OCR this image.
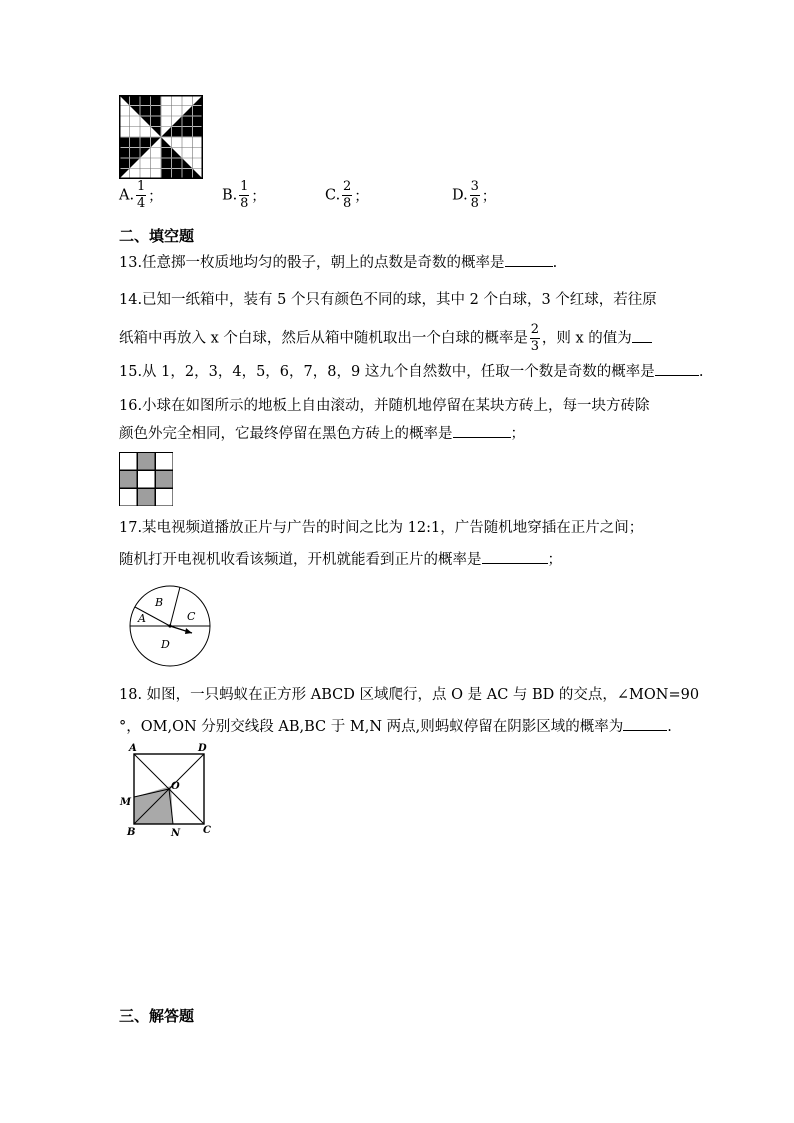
A. $\frac{1}{4}$ ；	B. $\frac{1}{8}$ ；	C. $\frac{2}{8}$ ；	D. $\frac{3}{8}$ ；
二、填空题
13.任意掷一枚质地均匀的骰子，朝上的点数是奇数的概率是	.
14.已知一纸箱中，装有 5 个只有颜色不同的球，其中 2 个白球，3 个红球，若往原
纸箱中再放入 x 个白球，然后从箱中随机取出一个白球的概率是 $\frac{2}{3}$ ，则 x 的值为
15.从 1，2，3，4，5，6，7，8，9 这九个自然数中，任取一个数是奇数的概率是	.
16.小球在如图所示的地板上自由滚动，并随机地停留在某块方砖上，每一块方砖除
颜色外完全相同，它最终停留在黑色方砖上的概率是	；
17.某电视频道播放正片与广告的时间之比为 12:1，广告随机地穿插在正片之间；
随机打开电视机收看该频道，开机就能看到正片的概率是	；
B
A	C
D
18. 如图，一只蚂蚁在正方形 ABCD 区域爬行，点 O 是 AC 与 BD 的交点，∠MON=90
°，OM,ON 分别交线段 AB,BC 于 M,N 两点,则蚂蚁停留在阴影区域的概率为	.
A	D
O
M
B	N C
三、解答题
